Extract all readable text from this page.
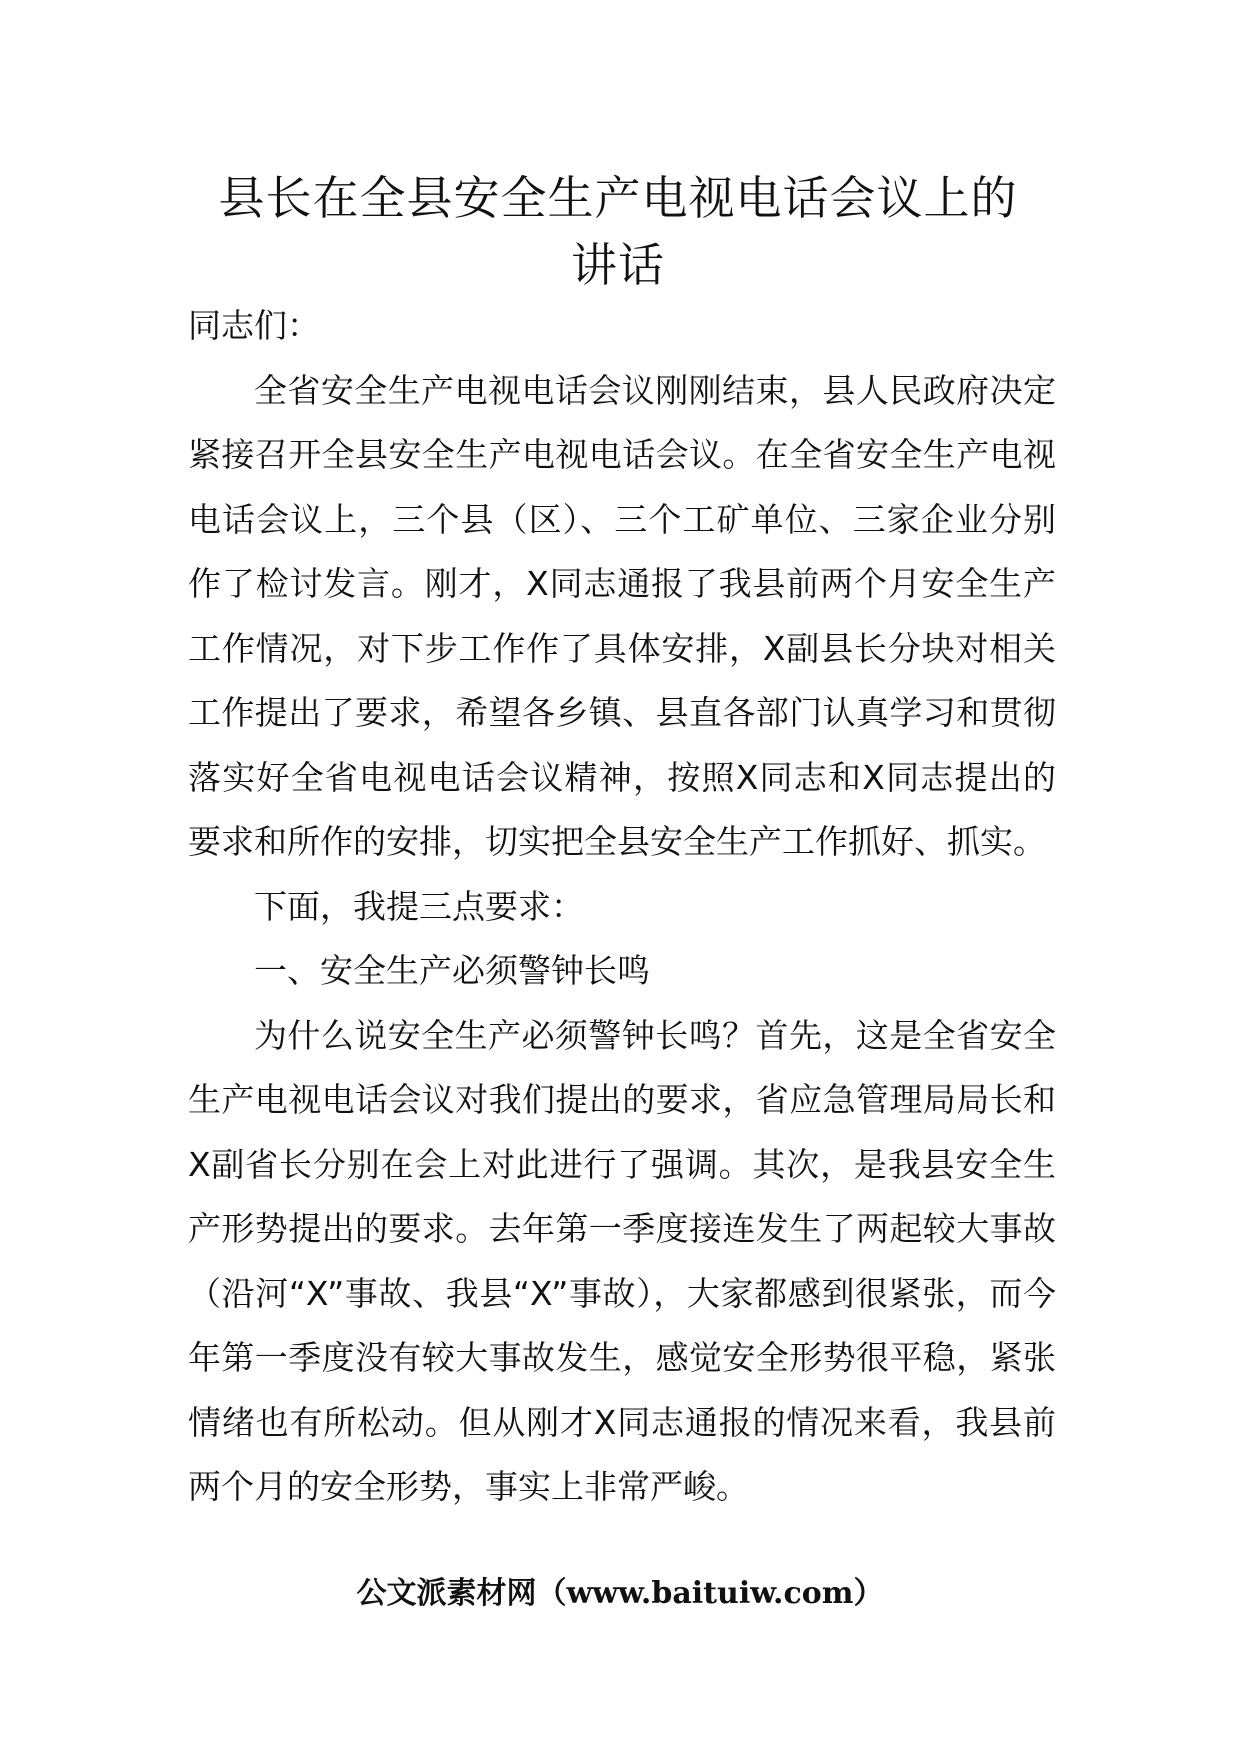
县长在全县安全生产电视电话会议上的
讲话

同志们：

全省安全生产电视电话会议刚刚结束，县人民政府决定紧接召开全县安全生产电视电话会议。在全省安全生产电视电话会议上，三个县（区）、三个工矿单位、三家企业分别作了检讨发言。刚才，X同志通报了我县前两个月安全生产工作情况，对下步工作作了具体安排，X副县长分块对相关工作提出了要求，希望各乡镇、县直各部门认真学习和贯彻落实好全省电视电话会议精神，按照X同志和X同志提出的要求和所作的安排，切实把全县安全生产工作抓好、抓实。

下面，我提三点要求：

一、安全生产必须警钟长鸣

为什么说安全生产必须警钟长鸣？首先，这是全省安全生产电视电话会议对我们提出的要求，省应急管理局局长和X副省长分别在会上对此进行了强调。其次，是我县安全生产形势提出的要求。去年第一季度接连发生了两起较大事故（沿河“X”事故、我县“X”事故），大家都感到很紧张，而今年第一季度没有较大事故发生，感觉安全形势很平稳，紧张情绪也有所松动。但从刚才X同志通报的情况来看，我县前两个月的安全形势，事实上非常严峻。

公文派素材网（www.baituiw.com）
